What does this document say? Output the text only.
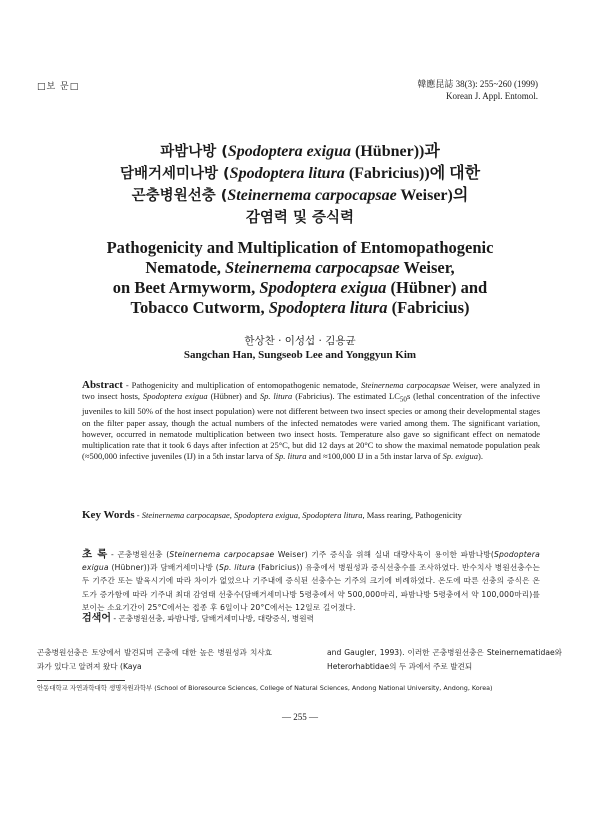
□보 문□	韓應昆誌 38(3): 255~260 (1999)
Korean J. Appl. Entomol.
파밤나방 (Spodoptera exigua (Hübner))과
담배거세미나방 (Spodoptera litura (Fabricius))에 대한
곤충병원선충 (Steinernema carpocapsae Weiser)의
감염력 및 증식력
Pathogenicity and Multiplication of Entomopathogenic
Nematode, Steinernema carpocapsae Weiser,
on Beet Armyworm, Spodoptera exigua (Hübner) and
Tobacco Cutworm, Spodoptera litura (Fabricius)
한상찬 · 이성섭 · 김용균
Sangchan Han, Sungseob Lee and Yonggyun Kim
Abstract - Pathogenicity and multiplication of entomopathogenic nematode, Steinernema carpocapsae Weiser, were analyzed in two insect hosts, Spodoptera exigua (Hübner) and Sp. litura (Fabricius). The estimated $LC_{50}s$ (lethal concentration of the infective juveniles to kill 50% of the host insect population) were not different between two insect species or among their developmental stages on the filter paper assay, though the actual numbers of the infected nematodes were varied among them. The significant variation, however, occurred in nematode multiplication between two insect hosts. Temperature also gave so significant effect on nematode multiplication rate that it took 6 days after infection at 25°C, but did 12 days at 20°C to show the maximal nematode population peak (≈500,000 infective juveniles (IJ) in a 5th instar larva of Sp. litura and ≈100,000 IJ in a 5th instar larva of Sp. exigua).
Key Words - Steinernema carpocapsae, Spodoptera exigua, Spodoptera litura, Mass rearing, Pathogenicity
초 록 - 곤충병원선충 (Steinernema carpocapsae Weiser) 기주 증식을 위해 실내 대량사육이 용이한 파밤나방(Spodoptera exigua (Hübner))과 담배거세미나방 (Sp. litura (Fabricius)) 유충에서 병원성과 증식선충수를 조사하였다. 반수치사 병원선충수는 두 기주간 또는 발육시기에 따라 차이가 없었으나 기주내에 증식된 선충수는 기주의 크기에 비례하였다. 온도에 따른 선충의 증식은 온도가 증가함에 따라 기주내 최대 감염태 선충수(담배거세미나방 5령충에서 약 500,000마리, 파밤나방 5령충에서 약 100,000마리)를 보이는 소요기간이 25°C에서는 접종 후 6일이나 20°C에서는 12일로 길어졌다.
검색어 - 곤충병원선충, 파밤나방, 담배거세미나방, 대량증식, 병원력
곤충병원선충은 토양에서 발견되며 곤충에 대한 높은 병원성과 치사효과가 있다고 알려져 왔다 (Kaya
and Gaugler, 1993). 이러한 곤충병원선충은 Steinernematidae와 Heterorhabtidae의 두 과에서 주로 발견되
안동대학교 자연과학대학 생명자원과학부 (School of Bioresource Sciences, College of Natural Sciences, Andong National University, Andong, Korea)
— 255 —
